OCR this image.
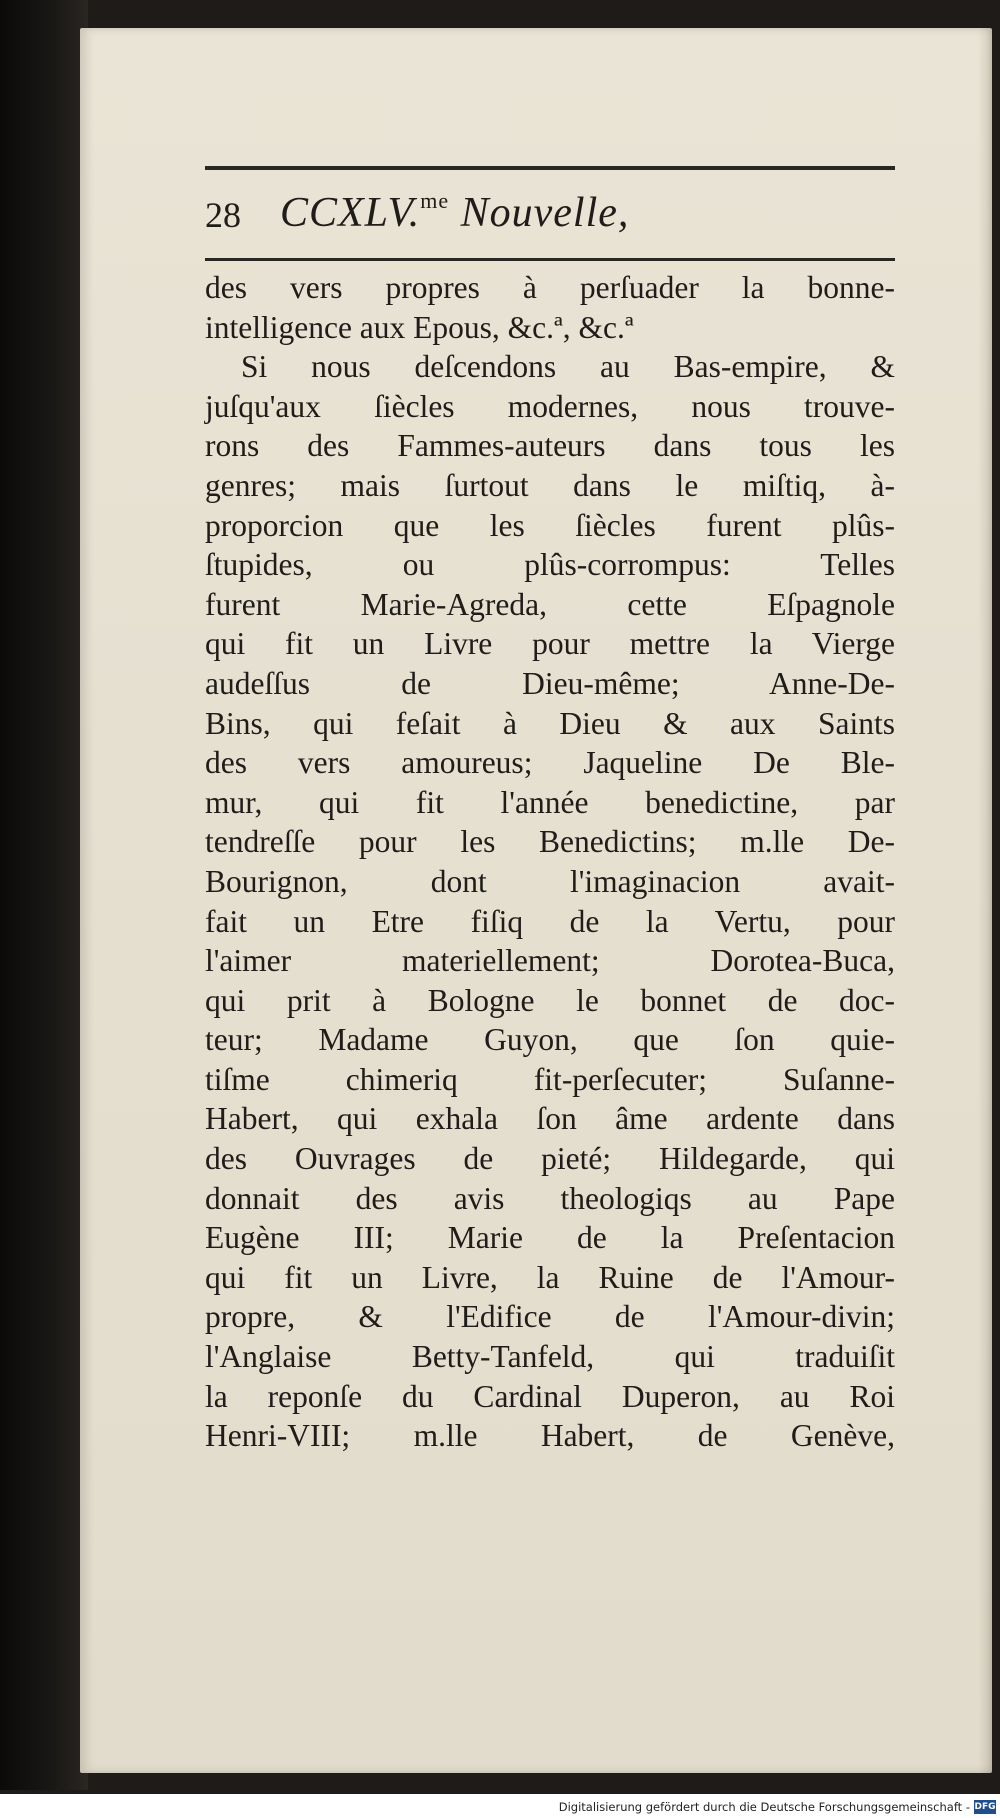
28 CCXLV.$^{me}$ Nouvelle,
des vers propres à perſuader la bonne-
intelligence aux Epous, &c.ª, &c.ª
Si nous deſcendons au Bas-empire, &
juſqu'aux ſiècles modernes, nous trouve-
rons des Fammes-auteurs dans tous les
genres; mais ſurtout dans le miſtiq, à-
proporcion que les ſiècles furent plûs-
ſtupides, ou plûs-corrompus: Telles
furent Marie-Agreda, cette Eſpagnole
qui fit un Livre pour mettre la Vierge
audeſſus de Dieu-même; Anne-De-
Bins, qui feſait à Dieu & aux Saints
des vers amoureus; Jaqueline De Ble-
mur, qui fit l'année benedictine, par
tendreſſe pour les Benedictins; m.lle De-
Bourignon, dont l'imaginacion avait-
fait un Etre fiſiq de la Vertu, pour
l'aimer materiellement; Dorotea-Buca,
qui prit à Bologne le bonnet de doc-
teur; Madame Guyon, que ſon quie-
tiſme chimeriq fit-perſecuter; Suſanne-
Habert, qui exhala ſon âme ardente dans
des Ouvrages de pieté; Hildegarde, qui
donnait des avis theologiqs au Pape
Eugène III; Marie de la Preſentacion
qui fit un Livre, la Ruine de l'Amour-
propre, & l'Edifice de l'Amour-divin;
l'Anglaise Betty-Tanfeld, qui traduiſit
la reponſe du Cardinal Duperon, au Roi
Henri-VIII; m.lle Habert, de Genève,
Digitalisierung gefördert durch die Deutsche Forschungsgemeinschaft - DFG
